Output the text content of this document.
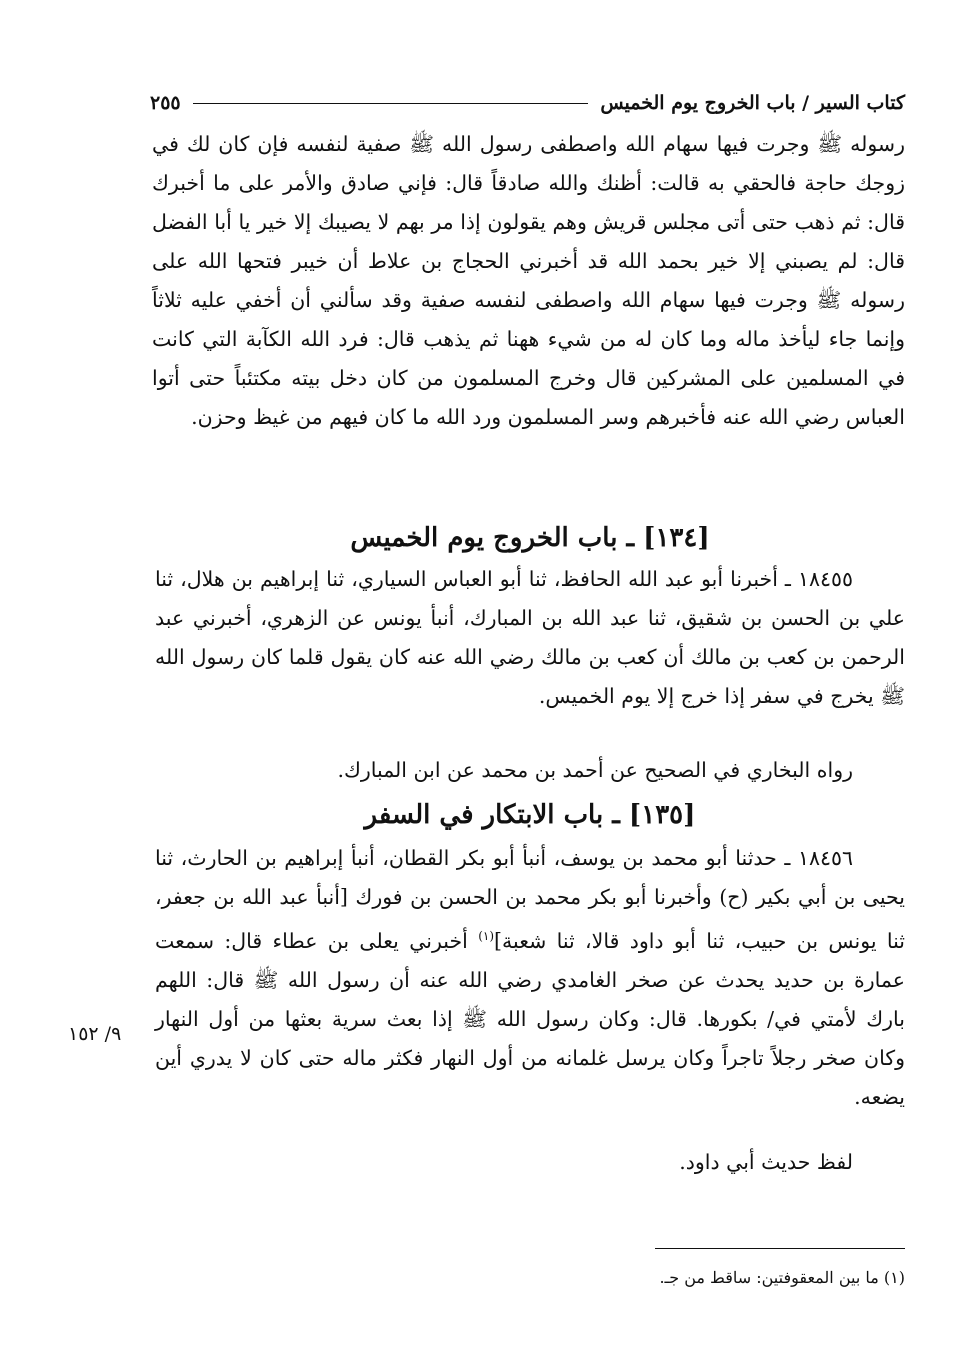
كتاب السير / باب الخروج يوم الخميس
٢٥٥

رسوله ﷺ وجرت فيها سهام الله واصطفى رسول الله ﷺ صفية لنفسه فإن كان لك في زوجك حاجة فالحقي به قالت: أظنك والله صادقاً قال: فإني صادق والأمر على ما أخبرك قال: ثم ذهب حتى أتى مجلس قريش وهم يقولون إذا مر بهم لا يصيبك إلا خير يا أبا الفضل قال: لم يصبني إلا خير بحمد الله قد أخبرني الحجاج بن علاط أن خيبر فتحها الله على رسوله ﷺ وجرت فيها سهام الله واصطفى لنفسه صفية وقد سألني أن أخفي عليه ثلاثاً وإنما جاء ليأخذ ماله وما كان له من شيء ههنا ثم يذهب قال: فرد الله الكآبة التي كانت في المسلمين على المشركين قال وخرج المسلمون من كان دخل بيته مكتئباً حتى أتوا العباس رضي الله عنه فأخبرهم وسر المسلمون ورد الله ما كان فيهم من غيظ وحزن.

[١٣٤] ـ باب الخروج يوم الخميس

١٨٤٥٥ ـ أخبرنا أبو عبد الله الحافظ، ثنا أبو العباس السياري، ثنا إبراهيم بن هلال، ثنا علي بن الحسن بن شقيق، ثنا عبد الله بن المبارك، أنبأ يونس عن الزهري، أخبرني عبد الرحمن بن كعب بن مالك أن كعب بن مالك رضي الله عنه كان يقول قلما كان رسول الله ﷺ يخرج في سفر إذا خرج إلا يوم الخميس.

رواه البخاري في الصحيح عن أحمد بن محمد عن ابن المبارك.

[١٣٥] ـ باب الابتكار في السفر

١٨٤٥٦ ـ حدثنا أبو محمد بن يوسف، أنبأ أبو بكر القطان، أنبأ إبراهيم بن الحارث، ثنا يحيى بن أبي بكير (ح) وأخبرنا أبو بكر محمد بن الحسن بن فورك [أنبأ عبد الله بن جعفر، ثنا يونس بن حبيب، ثنا أبو داود قالا، ثنا شعبة]$^{(١)}$ أخبرني يعلى بن عطاء قال: سمعت عمارة بن حديد يحدث عن صخر الغامدي رضي الله عنه أن رسول الله ﷺ قال: اللهم بارك لأمتي في/ بكورها. قال: وكان رسول الله ﷺ إذا بعث سرية بعثها من أول النهار وكان صخر رجلاً تاجراً وكان يرسل غلمانه من أول النهار فكثر ماله حتى كان لا يدري أين يضعه.

لفظ حديث أبي داود.

٩/ ١٥٢
(١) ما بين المعقوفتين: ساقط من جـ.
